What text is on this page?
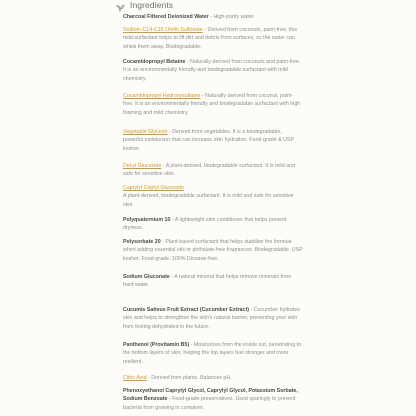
Ingredients
Charcoal Filtered Deionized Water - High-purity water.
Sodium C14-C16 Olefin Sulfonate - Derived from coconuts, palm-free, this mild-surfactant helps to lift dirt and debris from surfaces, so the water can whisk them away. Biodegradable.
Cocamidopropyl Betaine - Naturally derived from coconuts and palm-free. It is an environmentally friendly and biodegradable surfactant with mild chemistry.
Cocamidopropyl Hydroxysultaine - Naturally derived from coconut, palm-free. It is an environmentally friendly and biodegradable surfactant with high foaming and mild chemistry.
Vegetable Glycerin - Derived from vegetables. It is a biodegradable, powerful moisturizer that can increase skin hydration. Food-grade & USP kosher.
Decyl Glucoside - A plant-derived, biodegradable surfactant. It is mild and safe for sensitive skin.
Caprylyl Capryl Glucoside
A plant-derived, biodegradable surfactant. It is mild and safe for sensitive skin.
Polyquaternium 10 - A lightweight skin conditioner that helps prevent dryness.
Polysorbate 20 - Plant-based surfactant that helps stabilize the formula when adding essential oils or phthalate-free fragrances. Biodegradable. USP kosher. Food-grade. 100% Dioxane-free.
Sodium Gluconate - A natural mineral that helps remove minerals from hard water.
Cucumis Sativus Fruit Extract (Cucumber Extract) - Cucumber hydrates skin and helps to strengthen the skin's natural barrier, preventing your skin from feeling dehydrated in the future.
Panthenol (Provitamin B5) - Moisturizes from the inside out, penetrating to the bottom layers of skin, helping the top layers feel stronger and more resilient.
Citric Acid - Derived from plants. Balances pH.
Phenoxyethanol Caprylyl Glycol, Caprylyl Glycol, Potassium Sorbate, Sodium Benzoate - Food-grade preservatives. Used sparingly to prevent bacteria from growing in container.
